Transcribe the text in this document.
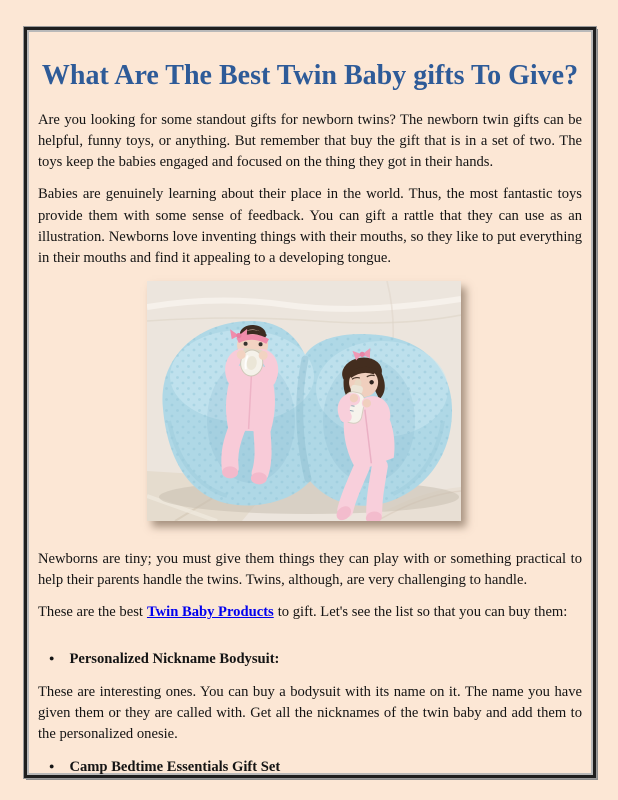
What Are The Best Twin Baby gifts To Give?

Are you looking for some standout gifts for newborn twins? The newborn twin gifts can be helpful, funny toys, or anything. But remember that buy the gift that is in a set of two. The toys keep the babies engaged and focused on the thing they got in their hands.

Babies are genuinely learning about their place in the world. Thus, the most fantastic toys provide them with some sense of feedback. You can gift a rattle that they can use as an illustration. Newborns love inventing things with their mouths, so they like to put everything in their mouths and find it appealing to a developing tongue.

Newborns are tiny; you must give them things they can play with or something practical to help their parents handle the twins. Twins, although, are very challenging to handle.

These are the best Twin Baby Products to gift. Let's see the list so that you can buy them:

● Personalized Nickname Bodysuit:

These are interesting ones. You can buy a bodysuit with its name on it. The name you have given them or they are called with. Get all the nicknames of the twin baby and add them to the personalized onesie.

● Camp Bedtime Essentials Gift Set
